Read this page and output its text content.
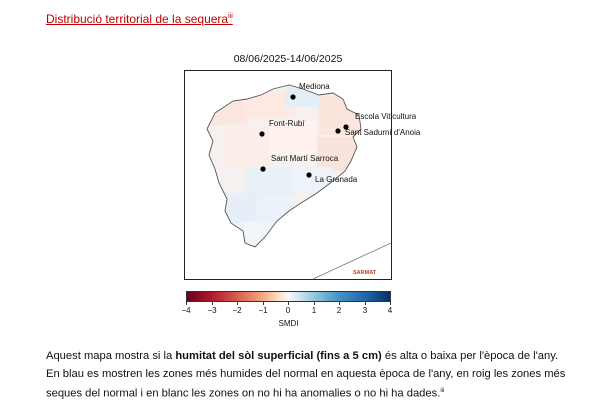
Distribució territorial de la sequera$^{iii}$
08/06/2025-14/06/2025
Mediona
Escola Viticultura
Sant Sadurní d'Anoia
Font-Rubí
Sant Martí Sarroca
La Granada
SARMAT
−4 −3 −2 −1 0	1	2	3	4
SMDI
Aquest mapa mostra si la humitat del sòl superficial (fins a 5 cm) és alta o baixa per l'època de l'any.
En blau es mostren les zones més humides del normal en aquesta època de l'any, en roig les zones més seques del normal i en blanc les zones on no hi ha anomalies o no hi ha dades.$^{iii}$
